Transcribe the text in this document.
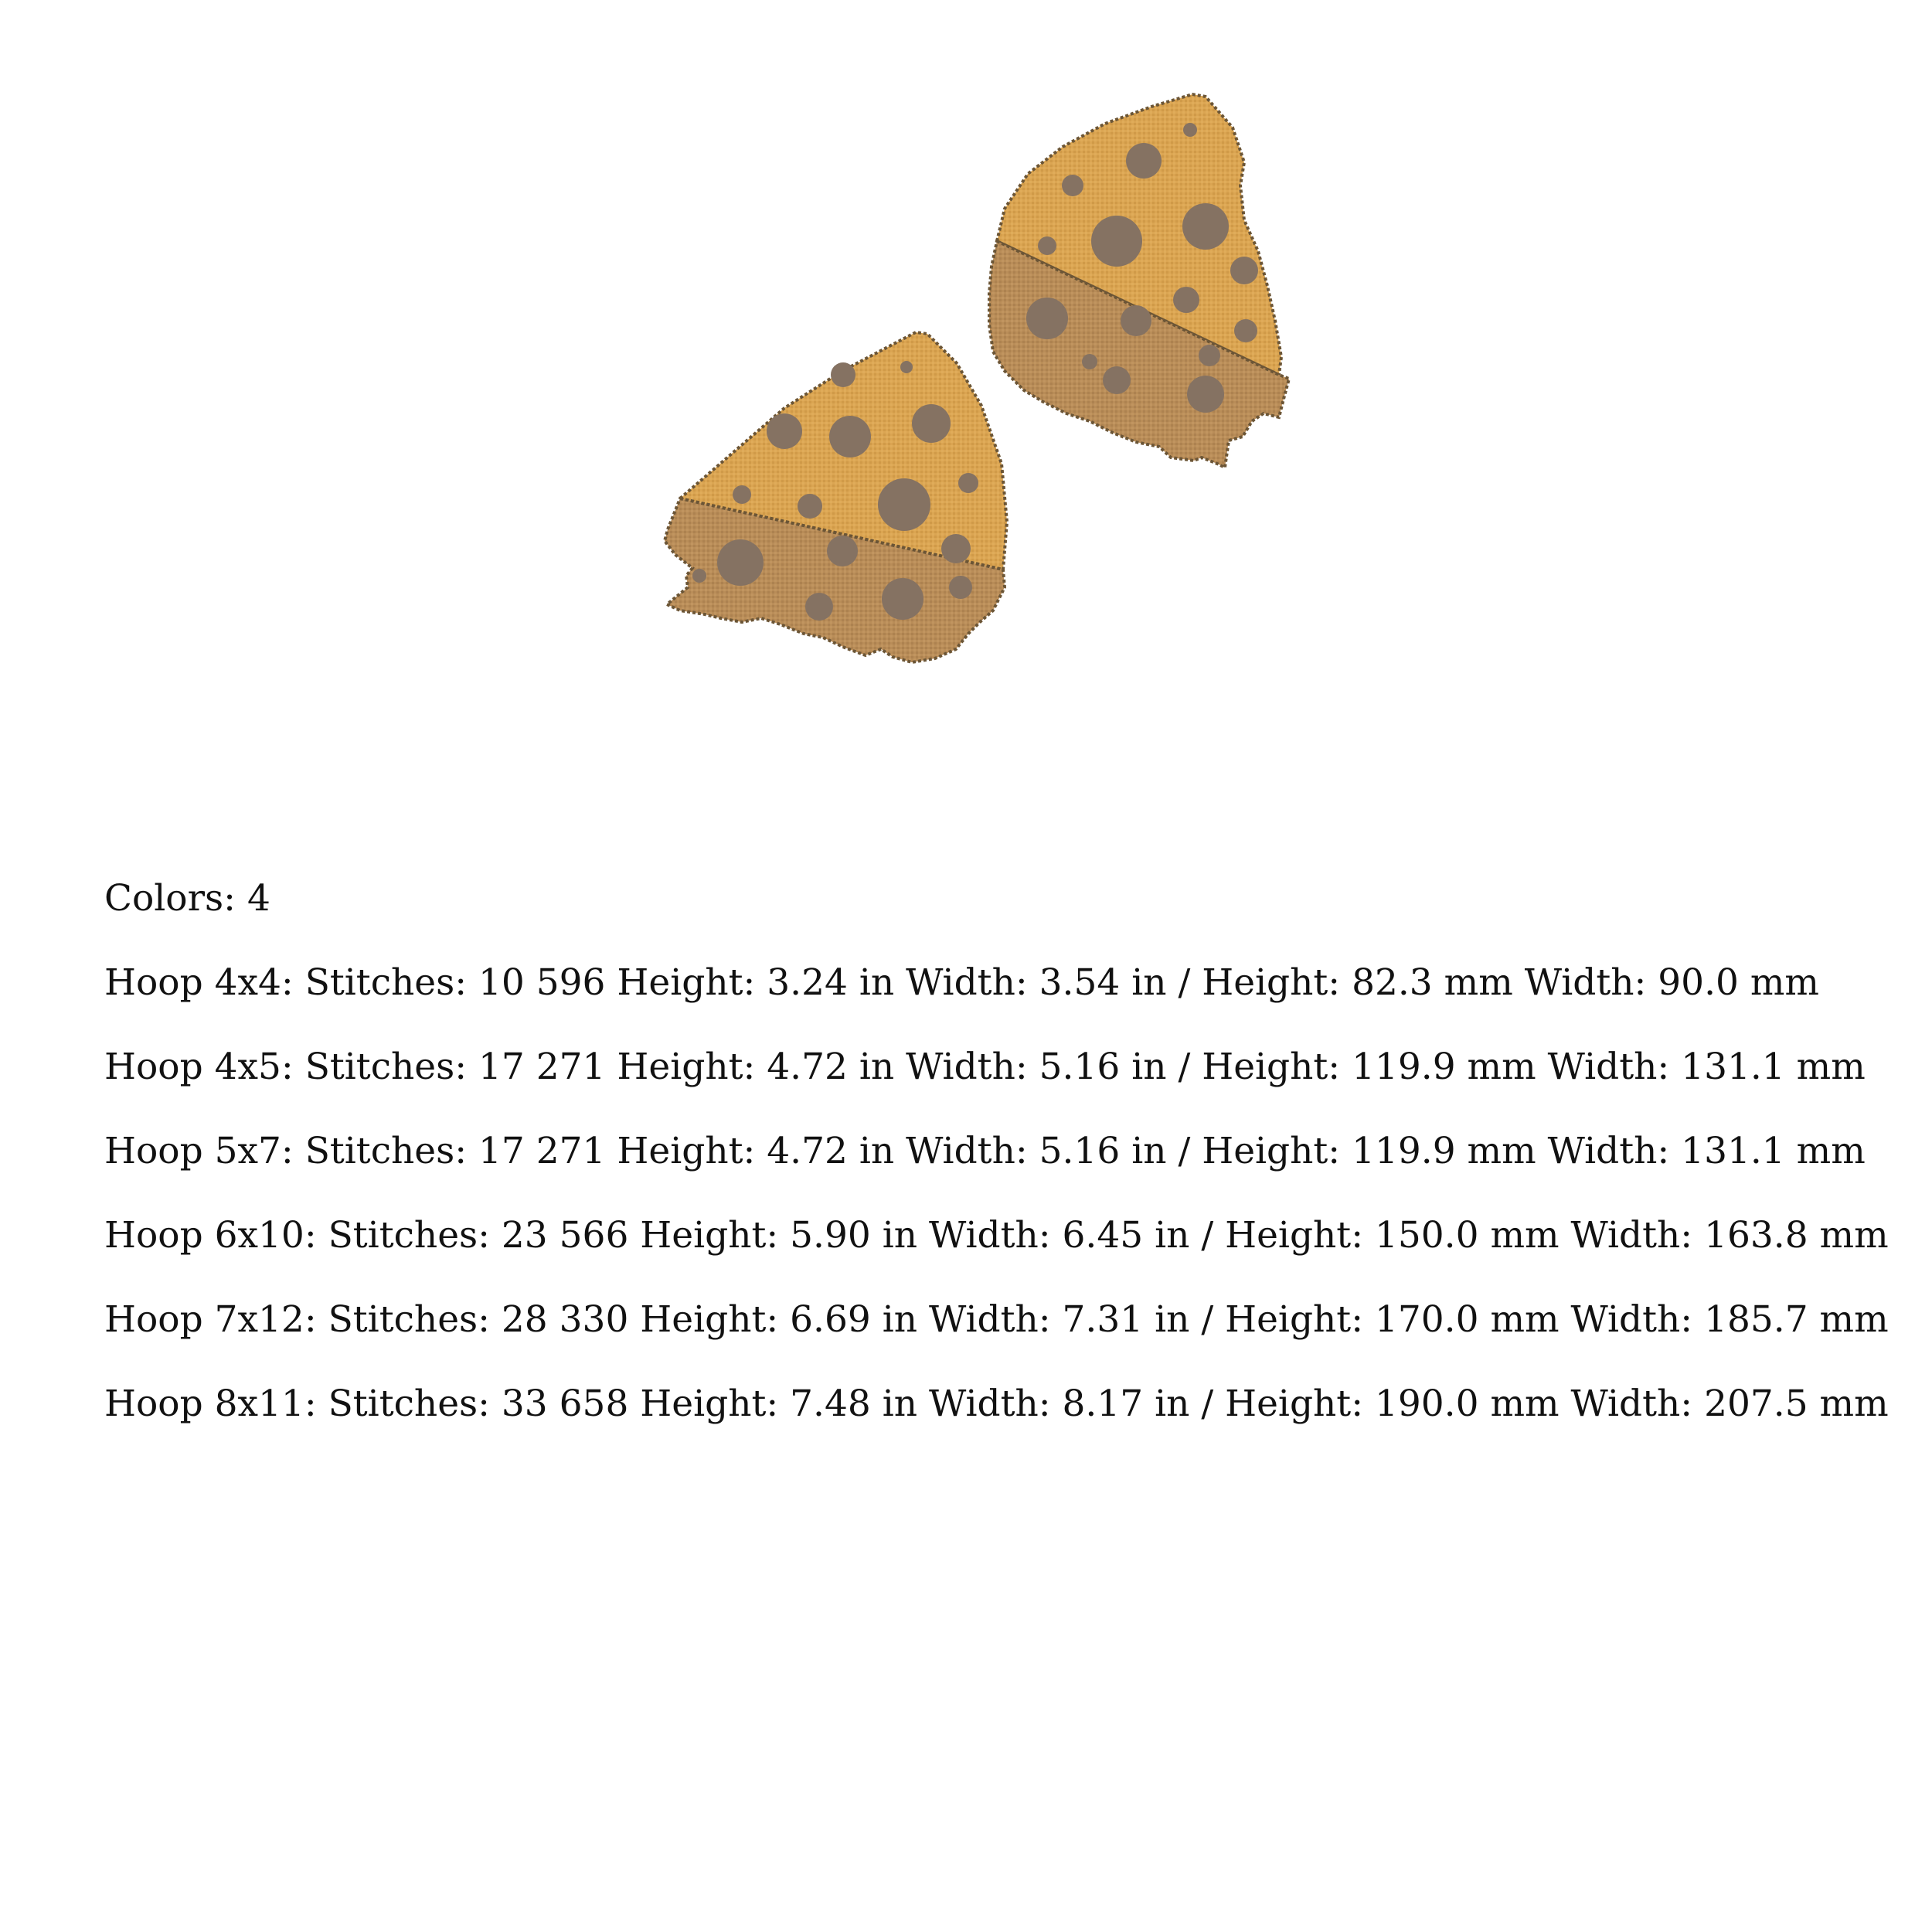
Colors: 4
Hoop 4x4: Stitches: 10 596 Height: 3.24 in Width: 3.54 in / Height: 82.3 mm Width: 90.0 mm
Hoop 4x5: Stitches: 17 271 Height: 4.72 in Width: 5.16 in / Height: 119.9 mm Width: 131.1 mm
Hoop 5x7: Stitches: 17 271 Height: 4.72 in Width: 5.16 in / Height: 119.9 mm Width: 131.1 mm
Hoop 6x10: Stitches: 23 566 Height: 5.90 in Width: 6.45 in / Height: 150.0 mm Width: 163.8 mm
Hoop 7x12: Stitches: 28 330 Height: 6.69 in Width: 7.31 in / Height: 170.0 mm Width: 185.7 mm
Hoop 8x11: Stitches: 33 658 Height: 7.48 in Width: 8.17 in / Height: 190.0 mm Width: 207.5 mm
